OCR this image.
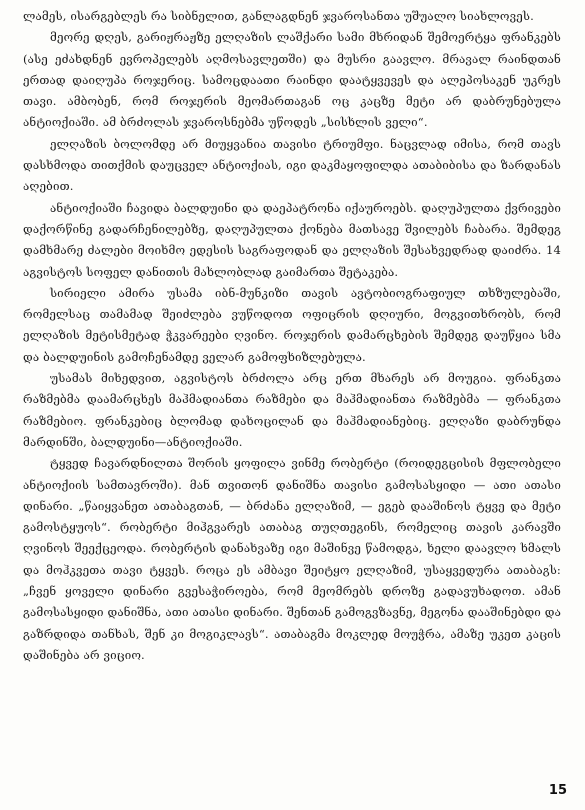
ლამეს, ისარგებლეს რა სიბნელით, განლაგდნენ ჯვაროსანთა უშუალო სიახლოვეს.

მეორე დღეს, გარიჟრაჟზე ელღაზის ლაშქარი სამი მხრიდან შემოერტყა ფრანკებს (ასე ეძახდნენ ევროპელებს აღმოსავლეთში) და მუსრი გაავლო. მრავალ რაინდთან ერთად დაიღუპა როჯერიც. სამოცდაათი რაინდი დაატყვევეს და ალეპოსაკენ უკრეს თავი. ამბობენ, რომ როჯერის მეომართაგან ოც კაცზე მეტი არ დაბრუნებულა ანტიოქიაში. ამ ბრძოლას ჯვაროსნებმა უწოდეს „სისხლის ველი“.

ელღაზის ბოლომდე არ მიუყვანია თავისი ტრიუმფი. ნაცვლად იმისა, რომ თავს დასხმოდა თითქმის დაუცველ ანტიოქიას, იგი დაკმაყოფილდა ათაბიბისა და ზარდანას აღებით.

ანტიოქიაში ჩავიდა ბალდუინი და დაეპატრონა იქაუროებს. დაღუპულთა ქვრივები დაქორწინე გადარჩენილებზე, დაღუპულთა ქონება მათსავე შვილებს ჩაბარა. შემდეგ დამხმარე ძალები მოიხმო ედესის საგრაფოდან და ელღაზის შესახვედრად დაიძრა. 14 აგვისტოს სოფელ დანითის მახლობლად გაიმართა შეტაკება.

სირიელი ამირა უსამა იბნ-მუნკიზი თავის ავტობიოგრაფიულ თხზულებაში, რომელსაც თამამად შეიძლება ვუწოდოთ ოფიცრის დღიური, მოგვითხრობს, რომ ელღაზის მეტისმეტად ჭკვარეები ღვინო. როჯერის დამარცხების შემდეგ დაუწყია სმა და ბალდუინის გამოჩენამდე ველარ გამოფხიზლებულა.

უსამას მიხედვით, აგვისტოს ბრძოლა არც ერთ მხარეს არ მოუგია. ფრანკთა რაზმებმა დაამარცხეს მაჰმადიანთა რაზმები და მაჰმადიანთა რაზმებმა — ფრანკთა რაზმებიო. ფრანკებიც ბლომად დახოცილან და მაჰმადიანებიც. ელღაზი დაბრუნდა მარდინში, ბალდუინი—ანტიოქიაში.

ტყვედ ჩავარდნილთა შორის ყოფილა ვინმე რობერტი (როიდეგცისის მფლობელი ანტიოქიის სამთავროში). მან თვითონ დანიშნა თავისი გამოსასყიდი — ათი ათასი დინარი. „წაიყვანეთ ათაბაგთან, — ბრძანა ელღაზიმ, — ეგებ დააშინოს ტყვე და მეტი გამოსტყუოს“. რობერტი მიჰგვარეს ათაბაგ თუღთეგინს, რომელიც თავის კარავში ღვინოს შეექცეოდა. რობერტის დანახვაზე იგი მაშინვე წამოდგა, ხელი დაავლო ხმალს და მოჰკვეთა თავი ტყვეს. როცა ეს ამბავი შეიტყო ელღაზიმ, უსაყვედურა ათაბაგს: „ჩვენ ყოველი დინარი გვესაჭიროება, რომ მეომრებს დროზე გადავუხადოთ. ამან გამოსასყიდი დანიშნა, ათი ათასი დინარი. შენთან გამოგვზავნე, მეგონა დააშინებდი და გაზრდიდა თანხას, შენ კი მოგიკლავს“. ათაბაგმა მოკლედ მოუჭრა, ამაზე უკეთ კაცის დაშინება არ ვიციო.

15
